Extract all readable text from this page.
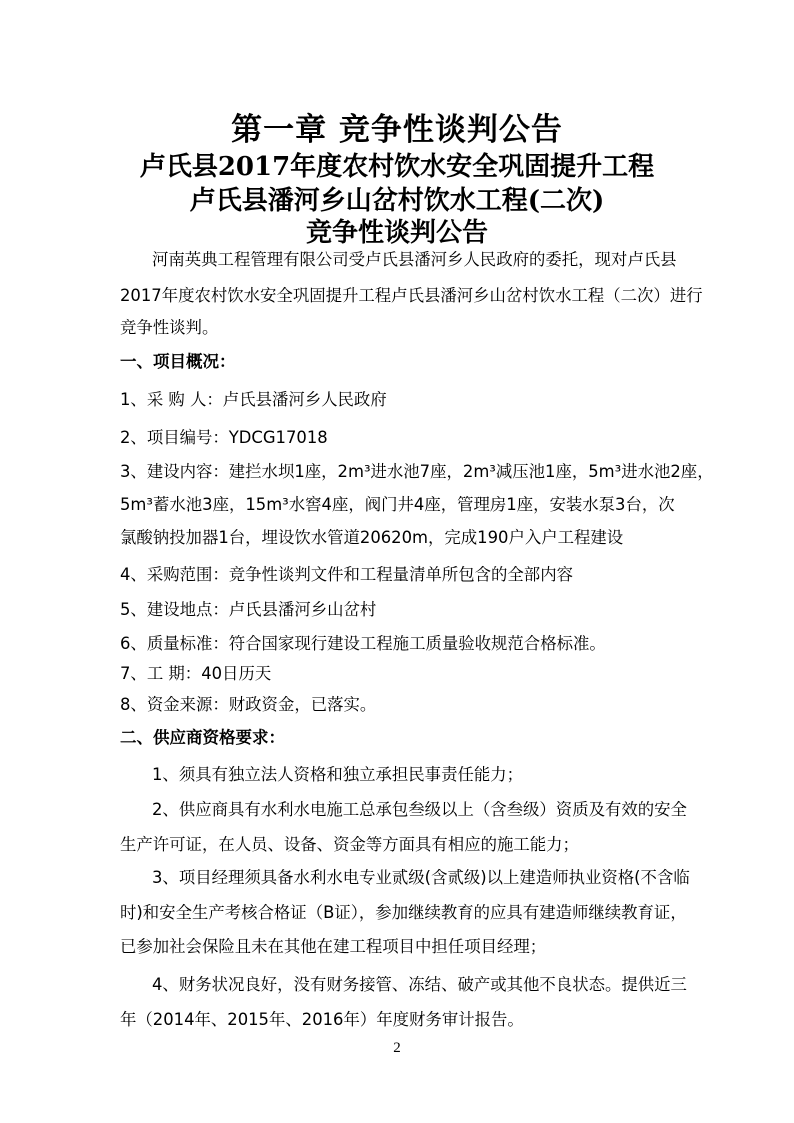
第一章 竞争性谈判公告
卢氏县2017年度农村饮水安全巩固提升工程
卢氏县潘河乡山岔村饮水工程(二次)
竞争性谈判公告
河南英典工程管理有限公司受卢氏县潘河乡人民政府的委托，现对卢氏县
2017年度农村饮水安全巩固提升工程卢氏县潘河乡山岔村饮水工程（二次）进行
竞争性谈判。
一、项目概况：
1、采 购 人：卢氏县潘河乡人民政府
2、项目编号：YDCG17018
3、建设内容：建拦水坝1座，2m³进水池7座，2m³减压池1座，5m³进水池2座，
5m³蓄水池3座，15m³水窖4座，阀门井4座，管理房1座，安装水泵3台，次
氯酸钠投加器1台，埋设饮水管道20620m，完成190户入户工程建设
4、采购范围：竞争性谈判文件和工程量清单所包含的全部内容
5、建设地点：卢氏县潘河乡山岔村
6、质量标准：符合国家现行建设工程施工质量验收规范合格标准。
7、工 期：40日历天
8、资金来源：财政资金，已落实。
二、供应商资格要求：
1、须具有独立法人资格和独立承担民事责任能力；
2、供应商具有水利水电施工总承包叁级以上（含叁级）资质及有效的安全
生产许可证，在人员、设备、资金等方面具有相应的施工能力；
3、项目经理须具备水利水电专业贰级(含贰级)以上建造师执业资格(不含临
时)和安全生产考核合格证（B证），参加继续教育的应具有建造师继续教育证，
已参加社会保险且未在其他在建工程项目中担任项目经理；
4、财务状况良好，没有财务接管、冻结、破产或其他不良状态。提供近三
年（2014年、2015年、2016年）年度财务审计报告。
2
